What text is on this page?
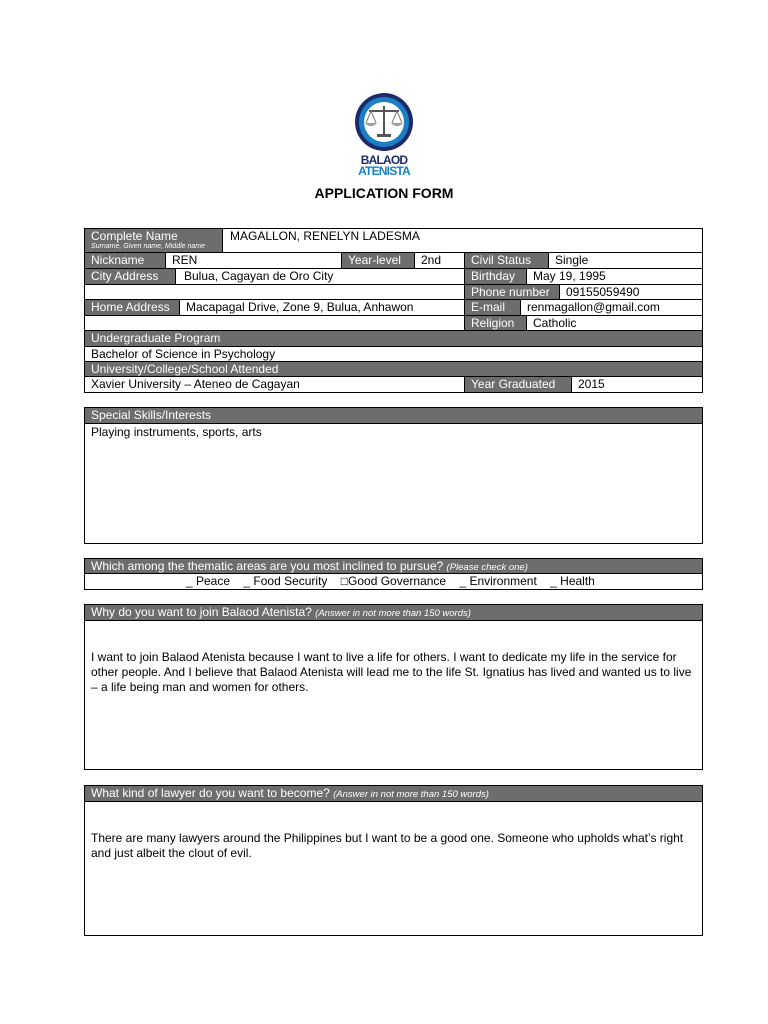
BALAOD
ATENISTA
APPLICATION FORM
Complete Name
Surname, Given name, Middle name
MAGALLON, RENELYN LADESMA
Nickname	REN	Year-level	2nd	Civil Status	Single
City Address	Bulua, Cagayan de Oro City	Birthday	May 19, 1995
Phone number	09155059490
Home Address	Macapagal Drive, Zone 9, Bulua, Anhawon	E-mail	renmagallon@gmail.com
Religion	Catholic
Undergraduate Program
Bachelor of Science in Psychology
University/College/School Attended
Xavier University – Ateneo de Cagayan	Year Graduated	2015
Special Skills/Interests
Playing instruments, sports, arts
Which among the thematic areas are you most inclined to pursue? (Please check one)
_ Peace _ Food Security □Good Governance _ Environment _ Health
Why do you want to join Balaod Atenista? (Answer in not more than 150 words)
I want to join Balaod Atenista because I want to live a life for others. I want to dedicate my life in the service for other people. And I believe that Balaod Atenista will lead me to the life St. Ignatius has lived and wanted us to live – a life being man and women for others.
What kind of lawyer do you want to become? (Answer in not more than 150 words)
There are many lawyers around the Philippines but I want to be a good one. Someone who upholds what’s right and just albeit the clout of evil.
